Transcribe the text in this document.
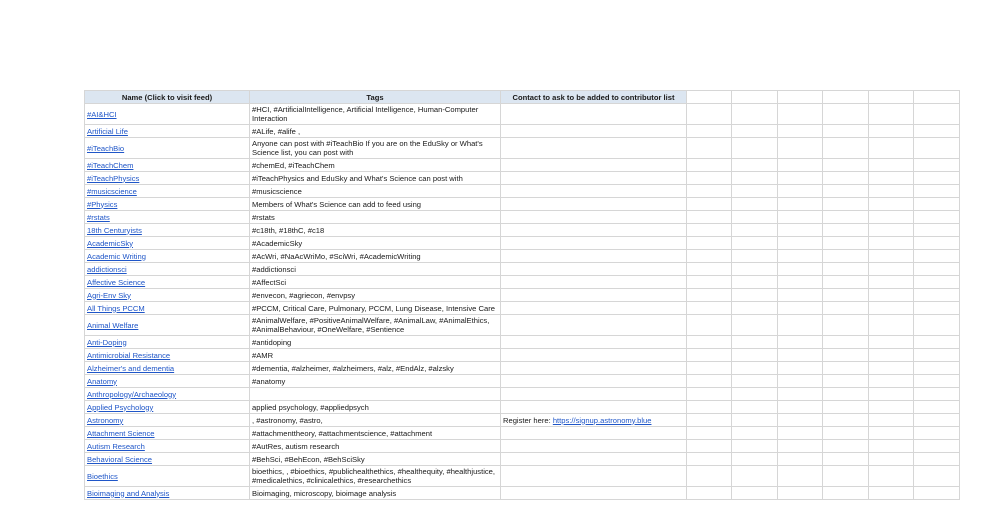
Name (Click to visit feed)	Tags	Contact to ask to be added to contributor list						
#AI&HCI	#HCI, #ArtificialIntelligence, Artificial Intelligence, Human-Computer Interaction							
Artificial Life	#ALife, #alife ,							
#iTeachBio	Anyone can post with #iTeachBio If you are on the EduSky or What's Science list, you can post with							
#iTeachChem	#chemEd, #iTeachChem							
#iTeachPhysics	#iTeachPhysics and EduSky and What's Science can post with							
#musicscience	#musicscience							
#Physics	Members of What's Science can add to feed using							
#rstats	#rstats							
18th Centuryists	#c18th, #18thC, #c18							
AcademicSky	#AcademicSky							
Academic Writing	#AcWri, #NaAcWriMo, #SciWri, #AcademicWriting							
addictionsci	#addictionsci							
Affective Science	#AffectSci							
Agri-Env Sky	#envecon, #agriecon, #envpsy							
All Things PCCM	#PCCM, Critical Care, Pulmonary, PCCM, Lung Disease, Intensive Care							
Animal Welfare	#AnimalWelfare, #PositiveAnimalWelfare, #AnimalLaw, #AnimalEthics, #AnimalBehaviour, #OneWelfare, #Sentience							
Anti-Doping	#antidoping							
Antimicrobial Resistance	#AMR							
Alzheimer's and dementia	#dementia, #alzheimer, #alzheimers, #alz, #EndAlz, #alzsky							
Anatomy	#anatomy							
Anthropology/Archaeology								
Applied Psychology	applied psychology, #appliedpsych							
Astronomy	, #astronomy, #astro,	Register here: https://signup.astronomy.blue						
Attachment Science	#attachmenttheory, #attachmentscience, #attachment							
Autism Research	#AutRes, autism research							
Behavioral Science	#BehSci, #BehEcon, #BehSciSky							
Bioethics	bioethics, , #bioethics, #publichealthethics, #healthequity, #healthjustice, #medicalethics, #clinicalethics, #researchethics							
Bioimaging and Analysis	Bioimaging, microscopy, bioimage analysis							
